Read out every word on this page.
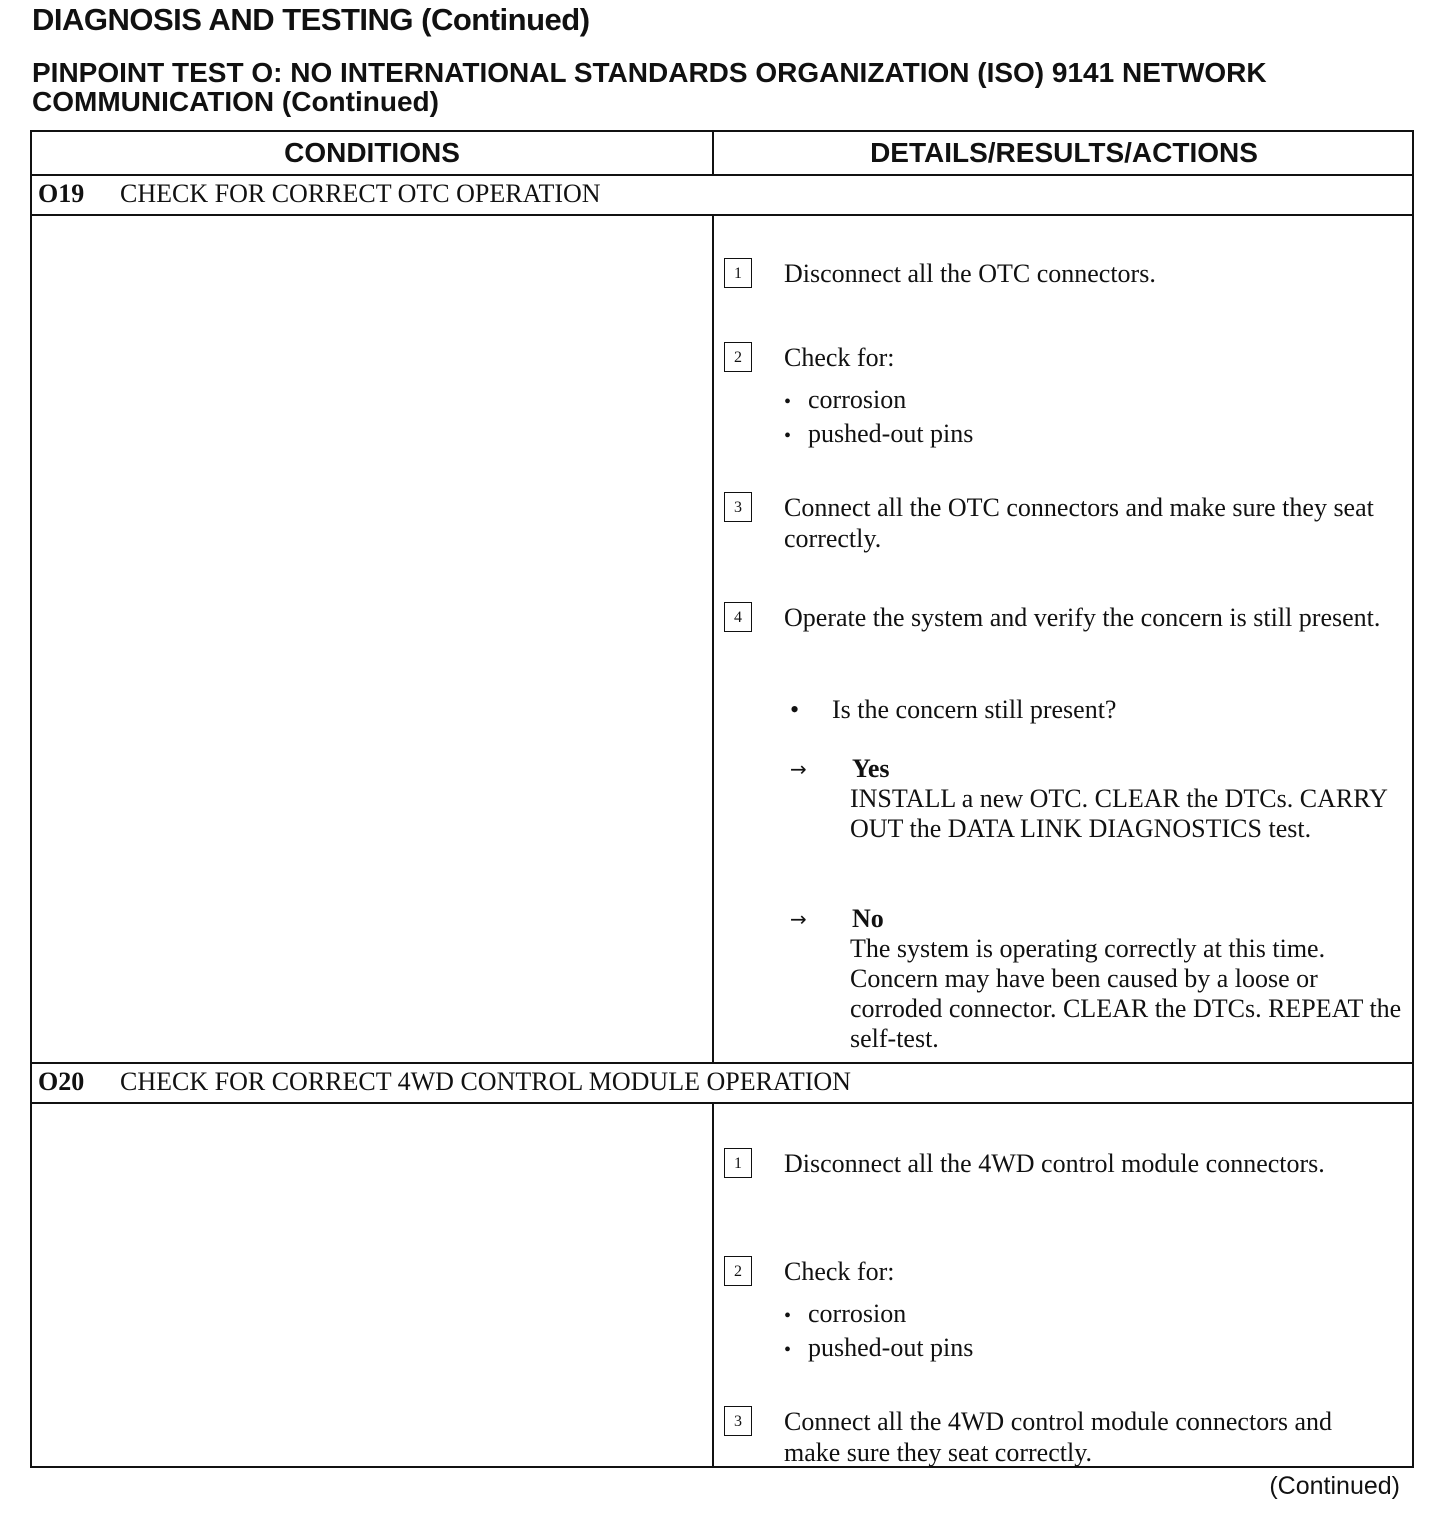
DIAGNOSIS AND TESTING (Continued)
PINPOINT TEST O: NO INTERNATIONAL STANDARDS ORGANIZATION (ISO) 9141 NETWORK COMMUNICATION (Continued)
CONDITIONS	DETAILS/RESULTS/ACTIONS
O19 CHECK FOR CORRECT OTC OPERATION
1	Disconnect all the OTC connectors.
2	Check for:
• corrosion
• pushed-out pins
3	Connect all the OTC connectors and make sure they seat correctly.
4	Operate the system and verify the concern is still present.
• Is the concern still present?
→ Yes
INSTALL a new OTC. CLEAR the DTCs. CARRY OUT the DATA LINK DIAGNOSTICS test.
→ No
The system is operating correctly at this time. Concern may have been caused by a loose or corroded connector. CLEAR the DTCs. REPEAT the self-test.
O20 CHECK FOR CORRECT 4WD CONTROL MODULE OPERATION
1	Disconnect all the 4WD control module connectors.
2	Check for:
• corrosion
• pushed-out pins
3	Connect all the 4WD control module connectors and make sure they seat correctly.
(Continued)
